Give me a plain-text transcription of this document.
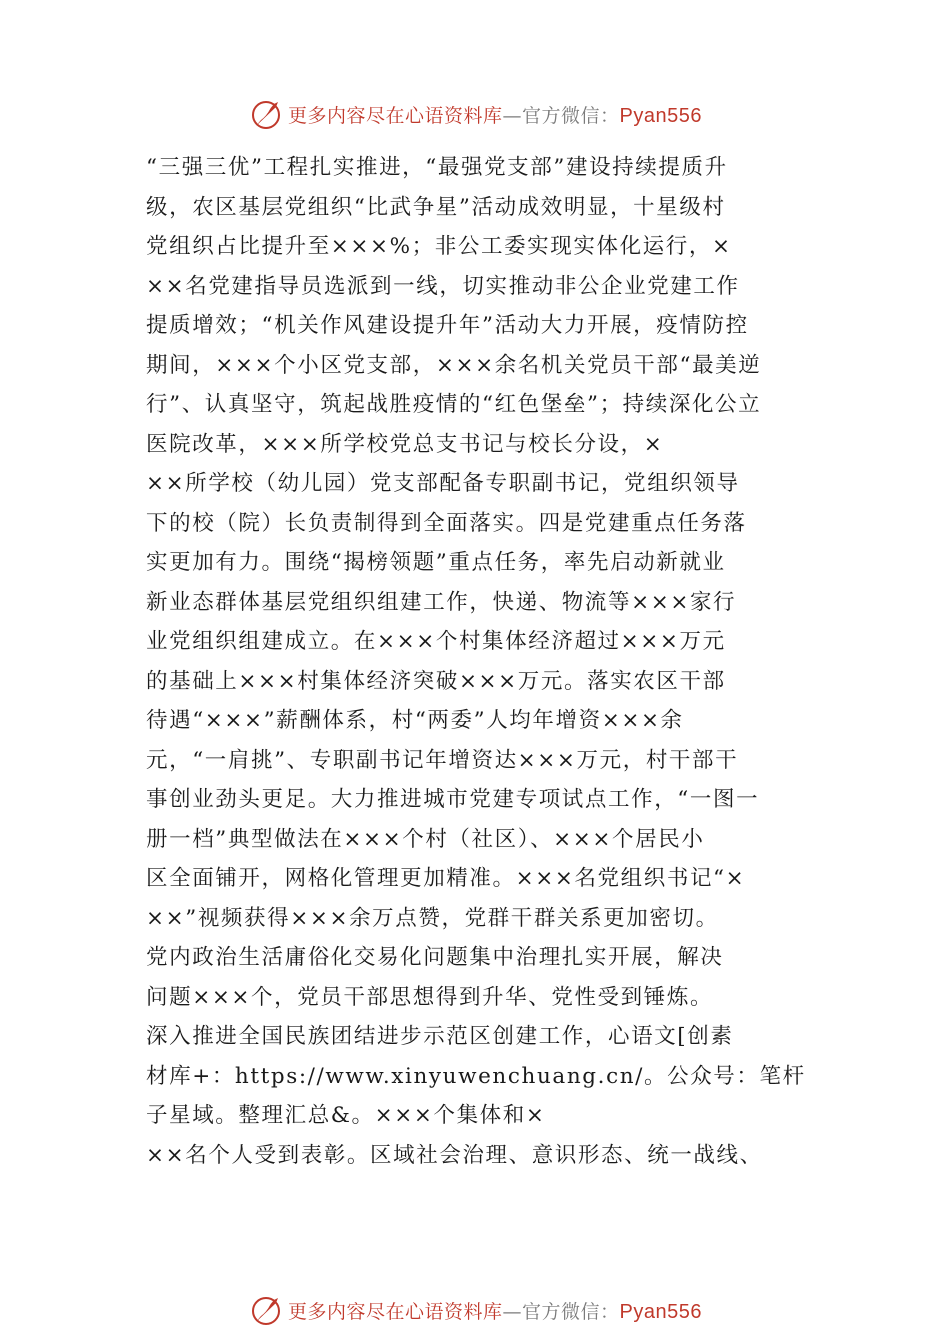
更多内容尽在心语资料库—官方微信：Pyan556
“三强三优”工程扎实推进，“最强党支部”建设持续提质升
级，农区基层党组织“比武争星”活动成效明显，十星级村
党组织占比提升至×××%；非公工委实现实体化运行，×
××名党建指导员选派到一线，切实推动非公企业党建工作
提质增效；“机关作风建设提升年”活动大力开展，疫情防控
期间，×××个小区党支部，×××余名机关党员干部“最美逆
行”、认真坚守，筑起战胜疫情的“红色堡垒”；持续深化公立
医院改革，×××所学校党总支书记与校长分设，×
××所学校（幼儿园）党支部配备专职副书记，党组织领导
下的校（院）长负责制得到全面落实。四是党建重点任务落
实更加有力。围绕“揭榜领题”重点任务，率先启动新就业
新业态群体基层党组织组建工作，快递、物流等×××家行
业党组织组建成立。在×××个村集体经济超过×××万元
的基础上×××村集体经济突破×××万元。落实农区干部
待遇“×××”薪酬体系，村“两委”人均年增资×××余
元，“一肩挑”、专职副书记年增资达×××万元，村干部干
事创业劲头更足。大力推进城市党建专项试点工作，“一图一
册一档”典型做法在×××个村（社区）、×××个居民小
区全面铺开，网格化管理更加精准。×××名党组织书记“×
××”视频获得×××余万点赞，党群干群关系更加密切。
党内政治生活庸俗化交易化问题集中治理扎实开展，解决
问题×××个，党员干部思想得到升华、党性受到锤炼。
深入推进全国民族团结进步示范区创建工作，心语文[创素
材库+：https://www.xinyuwenchuang.cn/。公众号：笔杆
子星域。整理汇总&。×××个集体和×
××名个人受到表彰。区域社会治理、意识形态、统一战线、
更多内容尽在心语资料库—官方微信：Pyan556
